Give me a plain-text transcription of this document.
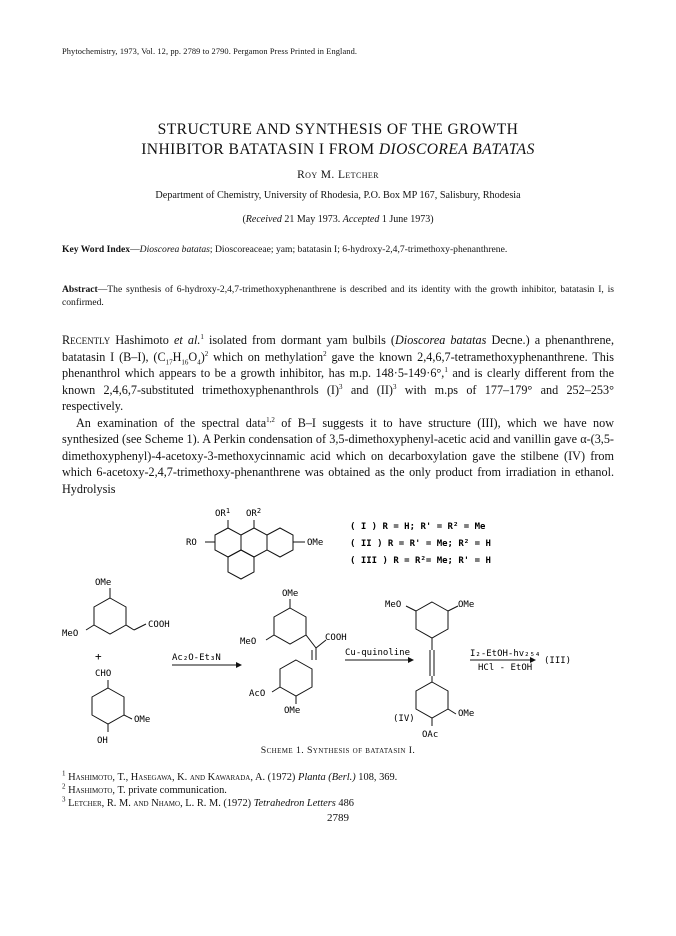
Phytochemistry, 1973, Vol. 12, pp. 2789 to 2790. Pergamon Press Printed in England.
STRUCTURE AND SYNTHESIS OF THE GROWTH
INHIBITOR BATATASIN I FROM DIOSCOREA BATATAS
Roy M. Letcher
Department of Chemistry, University of Rhodesia, P.O. Box MP 167, Salisbury, Rhodesia
(Received 21 May 1973. Accepted 1 June 1973)
Key Word Index—Dioscorea batatas; Dioscoreaceae; yam; batatasin I; 6-hydroxy-2,4,7-trimethoxy-phenanthrene.
Abstract—The synthesis of 6-hydroxy-2,4,7-trimethoxyphenanthrene is described and its identity with the growth inhibitor, batatasin I, is confirmed.

Recently Hashimoto et al.$^1$ isolated from dormant yam bulbils (Dioscorea batatas Decne.) a phenanthrene, batatasin I (B–I), $(C_{17}H_{16}O_4)^2$ which on methylation$^2$ gave the known 2,4,6,7-tetramethoxyphenanthrene. This phenanthrol which appears to be a growth inhibitor, has m.p. 148·5-149·6°,$^1$ and is clearly different from the known 2,4,6,7-substituted trimethoxyphenanthrols $(I)^3$ and (II)$^3$ with m.ps of 177–179° and 252–253° respectively.

An examination of the spectral data$^{1,2}$ of B–I suggests it to have structure (III), which we have now synthesized (see Scheme 1). A Perkin condensation of 3,5-dimethoxyphenyl-acetic acid and vanillin gave α-(3,5-dimethoxyphenyl)-4-acetoxy-3-methoxycinnamic acid which on decarboxylation gave the stilbene (IV) from which 6-acetoxy-2,4,7-trimethoxy-phenanthrene was obtained as the only product from irradiation in ethanol. Hydrolysis

$OR^1$ $OR^2$
RO	OMe
( I ) R = H; R' = R² = Me
( II ) R = R' = Me; R² = H
( III ) R = R²= Me; R' = H
OMe
MeO
COOH
+
CHO
OMe
OH
Ac₂O-Et₃N
OMe
MeO	COOH
AcO
OMe
Cu-quinoline
MeO	OMe
OMe
OAc
(IV)
I₂-EtOH-hv₂₅₄
HCl - EtOH
(III)
Scheme 1. Synthesis of batatasin I.
$^1$ Hashimoto, T., Hasegawa, K. and Kawarada, A. (1972) Planta (Berl.) 108, 369.
$^2$ Hashimoto, T. private communication.
$^3$ Letcher, R. M. and Nhamo, L. R. M. (1972) Tetrahedron Letters 486
2789
